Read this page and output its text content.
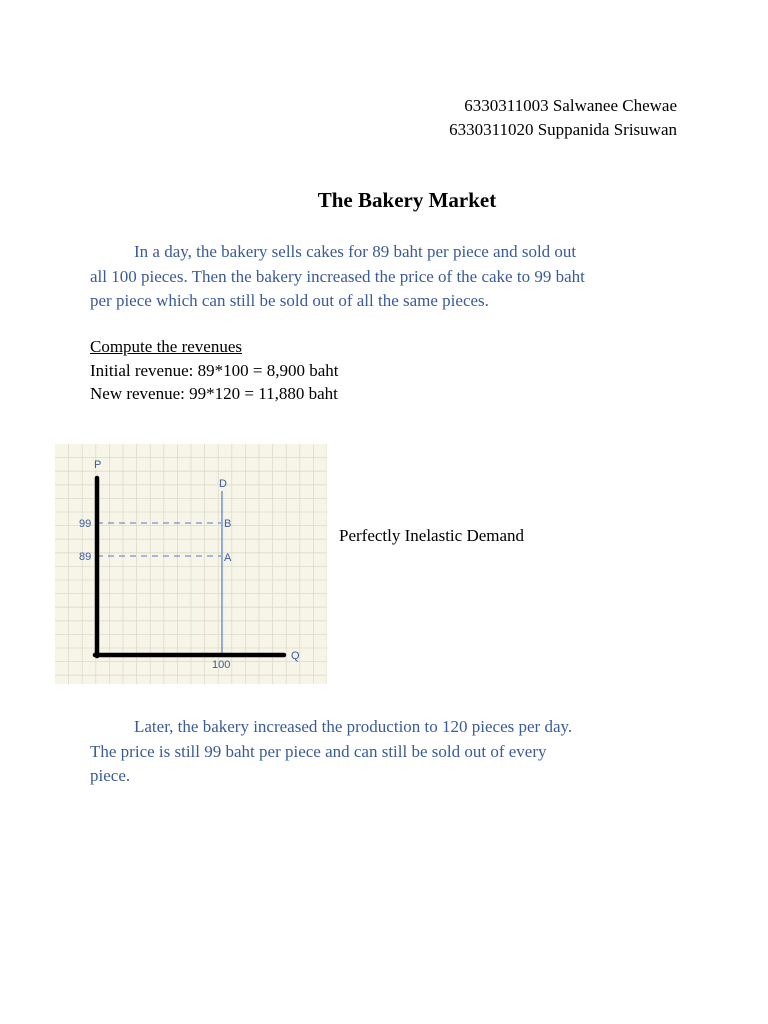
6330311003 Salwanee Chewae
6330311020 Suppanida Srisuwan
The Bakery Market
In a day, the bakery sells cakes for 89 baht per piece and sold out
all 100 pieces. Then the bakery increased the price of the cake to 99 baht
per piece which can still be sold out of all the same pieces.
Compute the revenues
Initial revenue: 89*100 = 8,900 baht
New revenue: 99*120 = 11,880 baht
P
Q
D
99
89
B
A
100
Perfectly Inelastic Demand
Later, the bakery increased the production to 120 pieces per day.
The price is still 99 baht per piece and can still be sold out of every
piece.
